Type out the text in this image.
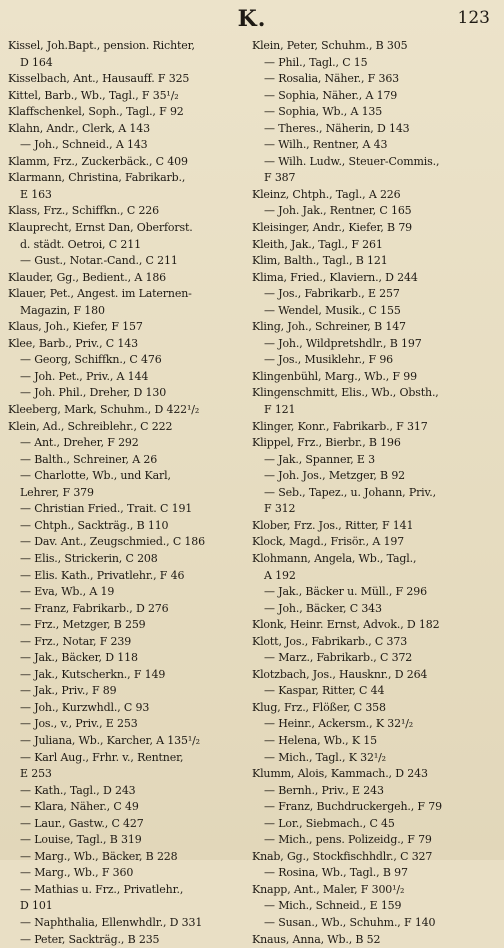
K.	123
Kissel, Joh.Bapt., pension. Richter,
D 164
Kisselbach, Ant., Hausauff. F 325
Kittel, Barb., Wb., Tagl., F 35¹/₂
Klaffschenkel, Soph., Tagl., F 92
Klahn, Andr., Clerk, A 143
— Joh., Schneid., A 143
Klamm, Frz., Zuckerbäck., C 409
Klarmann, Christina, Fabrikarb.,
E 163
Klass, Frz., Schiffkn., C 226
Klauprecht, Ernst Dan, Oberforst.
d. städt. Oetroi, C 211
— Gust., Notar.-Cand., C 211
Klauder, Gg., Bedient., A 186
Klauer, Pet., Angest. im Laternen-
Magazin, F 180
Klaus, Joh., Kiefer, F 157
Klee, Barb., Priv., C 143
— Georg, Schiffkn., C 476
— Joh. Pet., Priv., A 144
— Joh. Phil., Dreher, D 130
Kleeberg, Mark, Schuhm., D 422¹/₂
Klein, Ad., Schreiblehr., C 222
— Ant., Dreher, F 292
— Balth., Schreiner, A 26
— Charlotte, Wb., und Karl,
Lehrer, F 379
— Christian Fried., Trait. C 191
— Chtph., Sackträg., B 110
— Dav. Ant., Zeugschmied., C 186
— Elis., Strickerin, C 208
— Elis. Kath., Privatlehr., F 46
— Eva, Wb., A 19
— Franz, Fabrikarb., D 276
— Frz., Metzger, B 259
— Frz., Notar, F 239
— Jak., Bäcker, D 118
— Jak., Kutscherkn., F 149
— Jak., Priv., F 89
— Joh., Kurzwhdl., C 93
— Jos., v., Priv., E 253
— Juliana, Wb., Karcher, A 135¹/₂
— Karl Aug., Frhr. v., Rentner,
E 253
— Kath., Tagl., D 243
— Klara, Näher., C 49
— Laur., Gastw., C 427
— Louise, Tagl., B 319
— Marg., Wb., Bäcker, B 228
— Marg., Wb., F 360
— Mathias u. Frz., Privatlehr.,
D 101
— Naphthalia, Ellenwhdlr., D 331
— Peter, Sackträg., B 235
Klein, Peter, Schuhm., B 305
— Phil., Tagl., C 15
— Rosalia, Näher., F 363
— Sophia, Näher., A 179
— Sophia, Wb., A 135
— Theres., Näherin, D 143
— Wilh., Rentner, A 43
— Wilh. Ludw., Steuer-Commis.,
F 387
Kleinz, Chtph., Tagl., A 226
— Joh. Jak., Rentner, C 165
Kleisinger, Andr., Kiefer, B 79
Kleith, Jak., Tagl., F 261
Klim, Balth., Tagl., B 121
Klima, Fried., Klaviern., D 244
— Jos., Fabrikarb., E 257
— Wendel, Musik., C 155
Kling, Joh., Schreiner, B 147
— Joh., Wildpretshdlr., B 197
— Jos., Musiklehr., F 96
Klingenbühl, Marg., Wb., F 99
Klingenschmitt, Elis., Wb., Obsth.,
F 121
Klinger, Konr., Fabrikarb., F 317
Klippel, Frz., Bierbr., B 196
— Jak., Spanner, E 3
— Joh. Jos., Metzger, B 92
— Seb., Tapez., u. Johann, Priv.,
F 312
Klober, Frz. Jos., Ritter, F 141
Klock, Magd., Frisör., A 197
Klohmann, Angela, Wb., Tagl.,
A 192
— Jak., Bäcker u. Müll., F 296
— Joh., Bäcker, C 343
Klonk, Heinr. Ernst, Advok., D 182
Klott, Jos., Fabrikarb., C 373
— Marz., Fabrikarb., C 372
Klotzbach, Jos., Hausknr., D 264
— Kaspar, Ritter, C 44
Klug, Frz., Flößer, C 358
— Heinr., Ackersm., K 32¹/₂
— Helena, Wb., K 15
— Mich., Tagl., K 32¹/₂
Klumm, Alois, Kammach., D 243
— Bernh., Priv., E 243
— Franz, Buchdruckergeh., F 79
— Lor., Siebmach., C 45
— Mich., pens. Polizeidg., F 79
Knab, Gg., Stockfischhdlr., C 327
— Rosina, Wb., Tagl., B 97
Knapp, Ant., Maler, F 300¹/₂
— Mich., Schneid., E 159
— Susan., Wb., Schuhm., F 140
Knaus, Anna, Wb., B 52
